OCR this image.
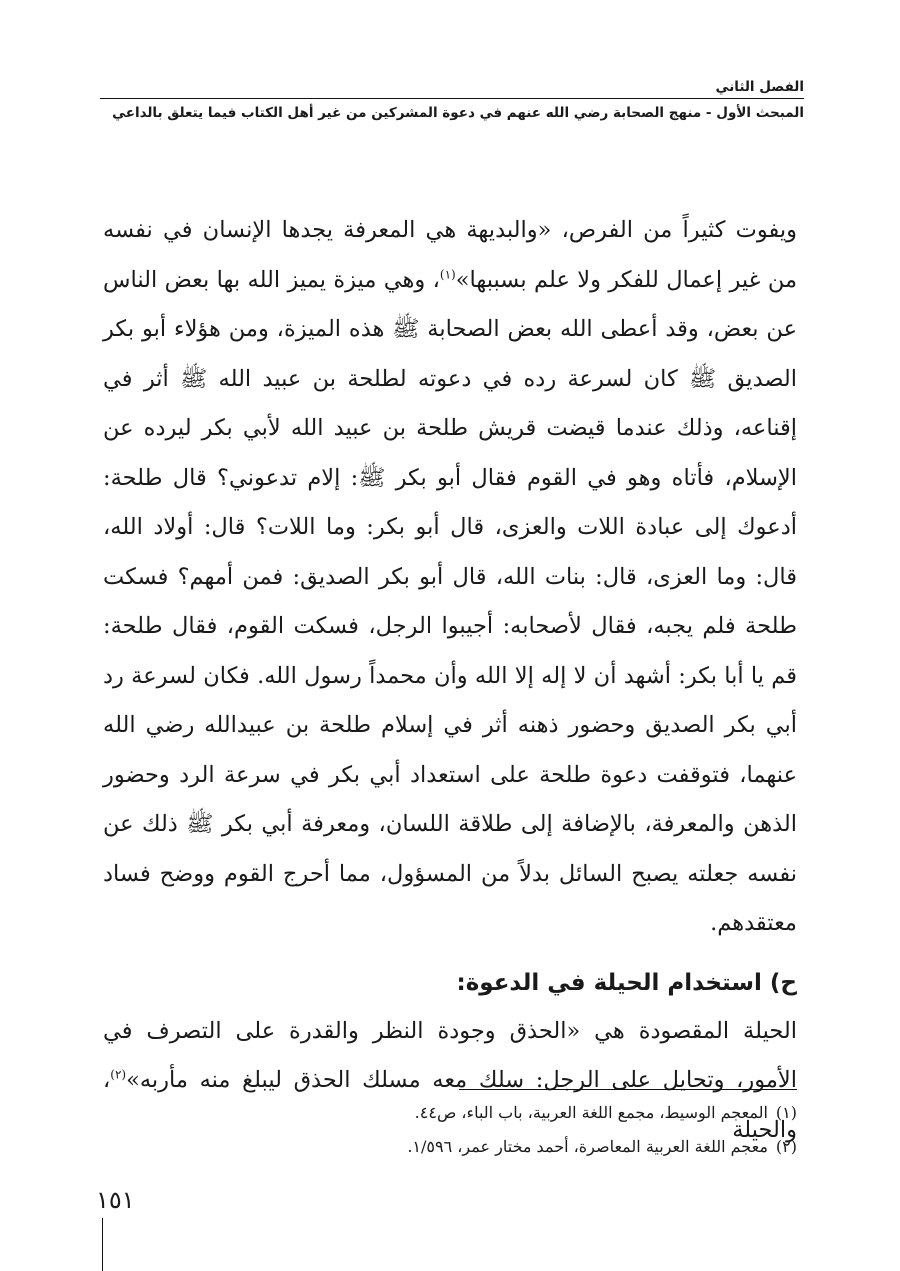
الفصل الثاني
المبحث الأول - منهج الصحابة رضي الله عنهم في دعوة المشركين من غير أهل الكتاب فيما يتعلق بالداعي

ويفوت كثيراً من الفرص، «والبديهة هي المعرفة يجدها الإنسان في نفسه من غير إعمال للفكر ولا علم بسببها»$^{(١)}$، وهي ميزة يميز الله بها بعض الناس عن بعض، وقد أعطى الله بعض الصحابة ﷺ هذه الميزة، ومن هؤلاء أبو بكر الصديق ﷺ كان لسرعة رده في دعوته لطلحة بن عبيد الله ﷺ أثر في إقناعه، وذلك عندما قيضت قريش طلحة بن عبيد الله لأبي بكر ليرده عن الإسلام، فأتاه وهو في القوم فقال أبو بكر ﷺ: إلام تدعوني؟ قال طلحة: أدعوك إلى عبادة اللات والعزى، قال أبو بكر: وما اللات؟ قال: أولاد الله، قال: وما العزى، قال: بنات الله، قال أبو بكر الصديق: فمن أمهم؟ فسكت طلحة فلم يجبه، فقال لأصحابه: أجيبوا الرجل، فسكت القوم، فقال طلحة: قم يا أبا بكر: أشهد أن لا إله إلا الله وأن محمداً رسول الله. فكان لسرعة رد أبي بكر الصديق وحضور ذهنه أثر في إسلام طلحة بن عبيدالله رضي الله عنهما، فتوقفت دعوة طلحة على استعداد أبي بكر في سرعة الرد وحضور الذهن والمعرفة، بالإضافة إلى طلاقة اللسان، ومعرفة أبي بكر ﷺ ذلك عن نفسه جعلته يصبح السائل بدلاً من المسؤول، مما أحرج القوم ووضح فساد معتقدهم.

ح) استخدام الحيلة في الدعوة:

الحيلة المقصودة هي «الحذق وجودة النظر والقدرة على التصرف في الأمور، وتحايل على الرجل: سلك معه مسلك الحذق ليبلغ منه مأربه»$^{(٢)}$، والحيلة

(١)المعجم الوسيط، مجمع اللغة العربية، باب الباء، ص٤٤.
(٢)معجم اللغة العربية المعاصرة، أحمد مختار عمر، ١/٥٩٦.
١٥١
